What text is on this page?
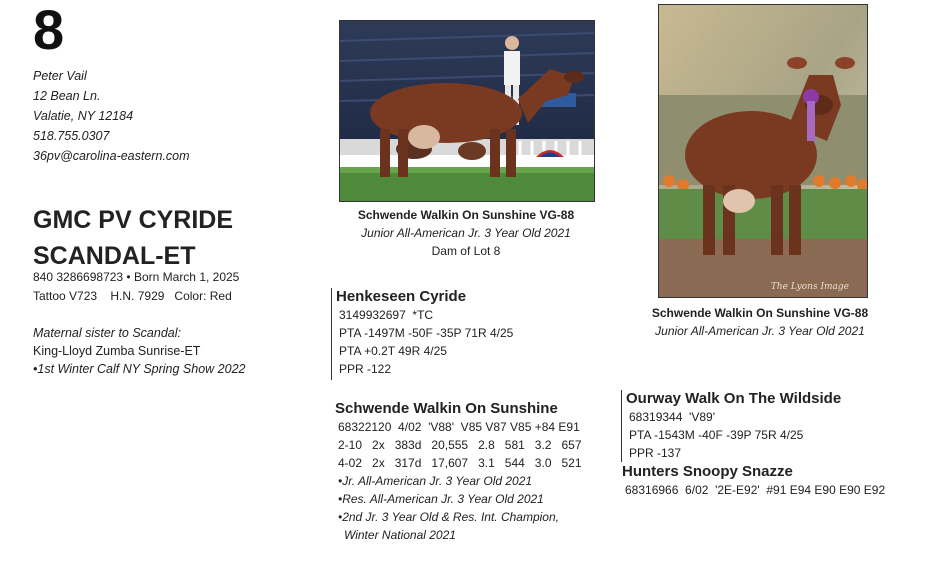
8
Peter Vail
12 Bean Ln.
Valatie, NY 12184
518.755.0307
36pv@carolina-eastern.com
GMC PV CYRIDE
SCANDAL-ET
840 3286698723 • Born March 1, 2025
Tattoo V723    H.N. 7929   Color: Red
Maternal sister to Scandal:
King-Lloyd Zumba Sunrise-ET
•1st Winter Calf NY Spring Show 2022
Schwende Walkin On Sunshine VG-88
Junior All-American Jr. 3 Year Old 2021
Dam of Lot 8
The Lyons Image
Schwende Walkin On Sunshine VG-88
Junior All-American Jr. 3 Year Old 2021
Henkeseen Cyride
3149932697  *TC
PTA -1497M -50F -35P 71R 4/25
PTA +0.2T 49R 4/25
PPR -122
Schwende Walkin On Sunshine
68322120  4/02  'V88'  V85 V87 V85 +84 E91
2-10   2x   383d   20,555   2.8   581   3.2   657
4-02   2x   317d   17,607   3.1   544   3.0   521
•Jr. All-American Jr. 3 Year Old 2021
•Res. All-American Jr. 3 Year Old 2021
•2nd Jr. 3 Year Old & Res. Int. Champion,
Winter National 2021
Ourway Walk On The Wildside
68319344  'V89'
PTA -1543M -40F -39P 75R 4/25
PPR -137
Hunters Snoopy Snazze
68316966  6/02  '2E-E92'  #91 E94 E90 E90 E92
